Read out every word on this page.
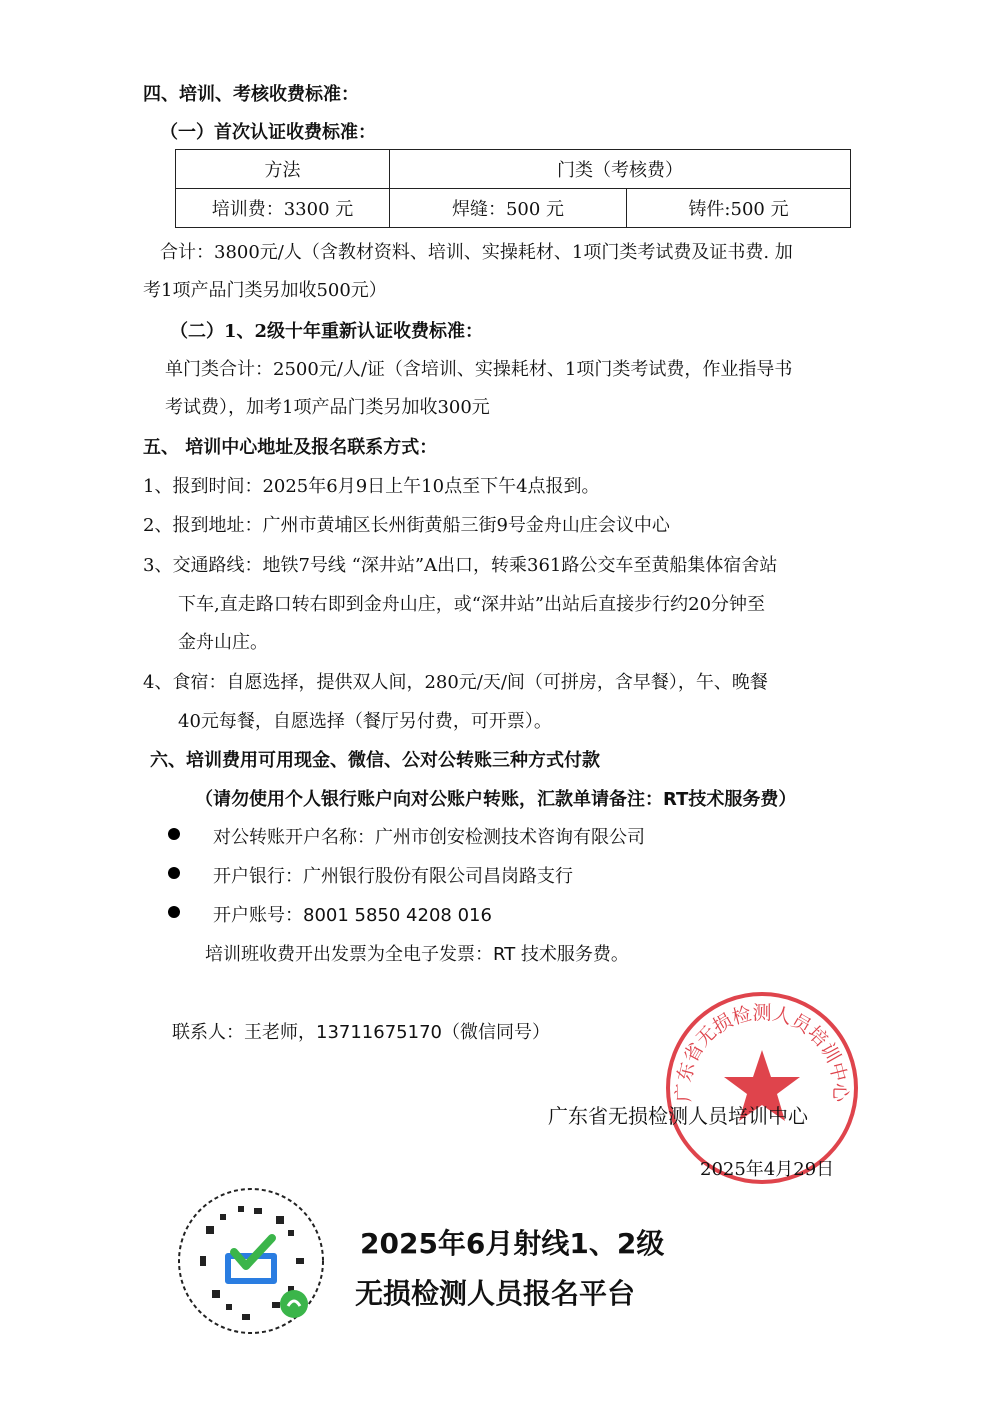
四、培训、考核收费标准：
（一）首次认证收费标准：
方法	门类（考核费）	
培训费：3300 元	焊缝：500 元	铸件:500 元
合计：3800元/人（含教材资料、培训、实操耗材、1项门类考试费及证书费. 加
考1项产品门类另加收500元）
（二）1、2级十年重新认证收费标准：
单门类合计：2500元/人/证（含培训、实操耗材、1项门类考试费，作业指导书
考试费），加考1项产品门类另加收300元
五、 培训中心地址及报名联系方式：
1、报到时间：2025年6月9日上午10点至下午4点报到。
2、报到地址：广州市黄埔区长州街黄船三街9号金舟山庄会议中心
3、交通路线：地铁7号线 “深井站”A出口，转乘361路公交车至黄船集体宿舍站
下车,直走路口转右即到金舟山庄，或“深井站”出站后直接步行约20分钟至
金舟山庄。
4、食宿：自愿选择，提供双人间，280元/天/间（可拼房，含早餐），午、晚餐
40元每餐，自愿选择（餐厅另付费，可开票）。
六、培训费用可用现金、微信、公对公转账三种方式付款
（请勿使用个人银行账户向对公账户转账，汇款单请备注：RT技术服务费）
对公转账开户名称：广州市创安检测技术咨询有限公司
开户银行：广州银行股份有限公司昌岗路支行
开户账号：8001 5850 4208 016
培训班收费开出发票为全电子发票：RT 技术服务费。
联系人：王老师，13711675170（微信同号）
广东省无损检测人员培训中心
广东省无损检测人员培训中心
2025年4月29日
2025年6月射线1、2级
无损检测人员报名平台
